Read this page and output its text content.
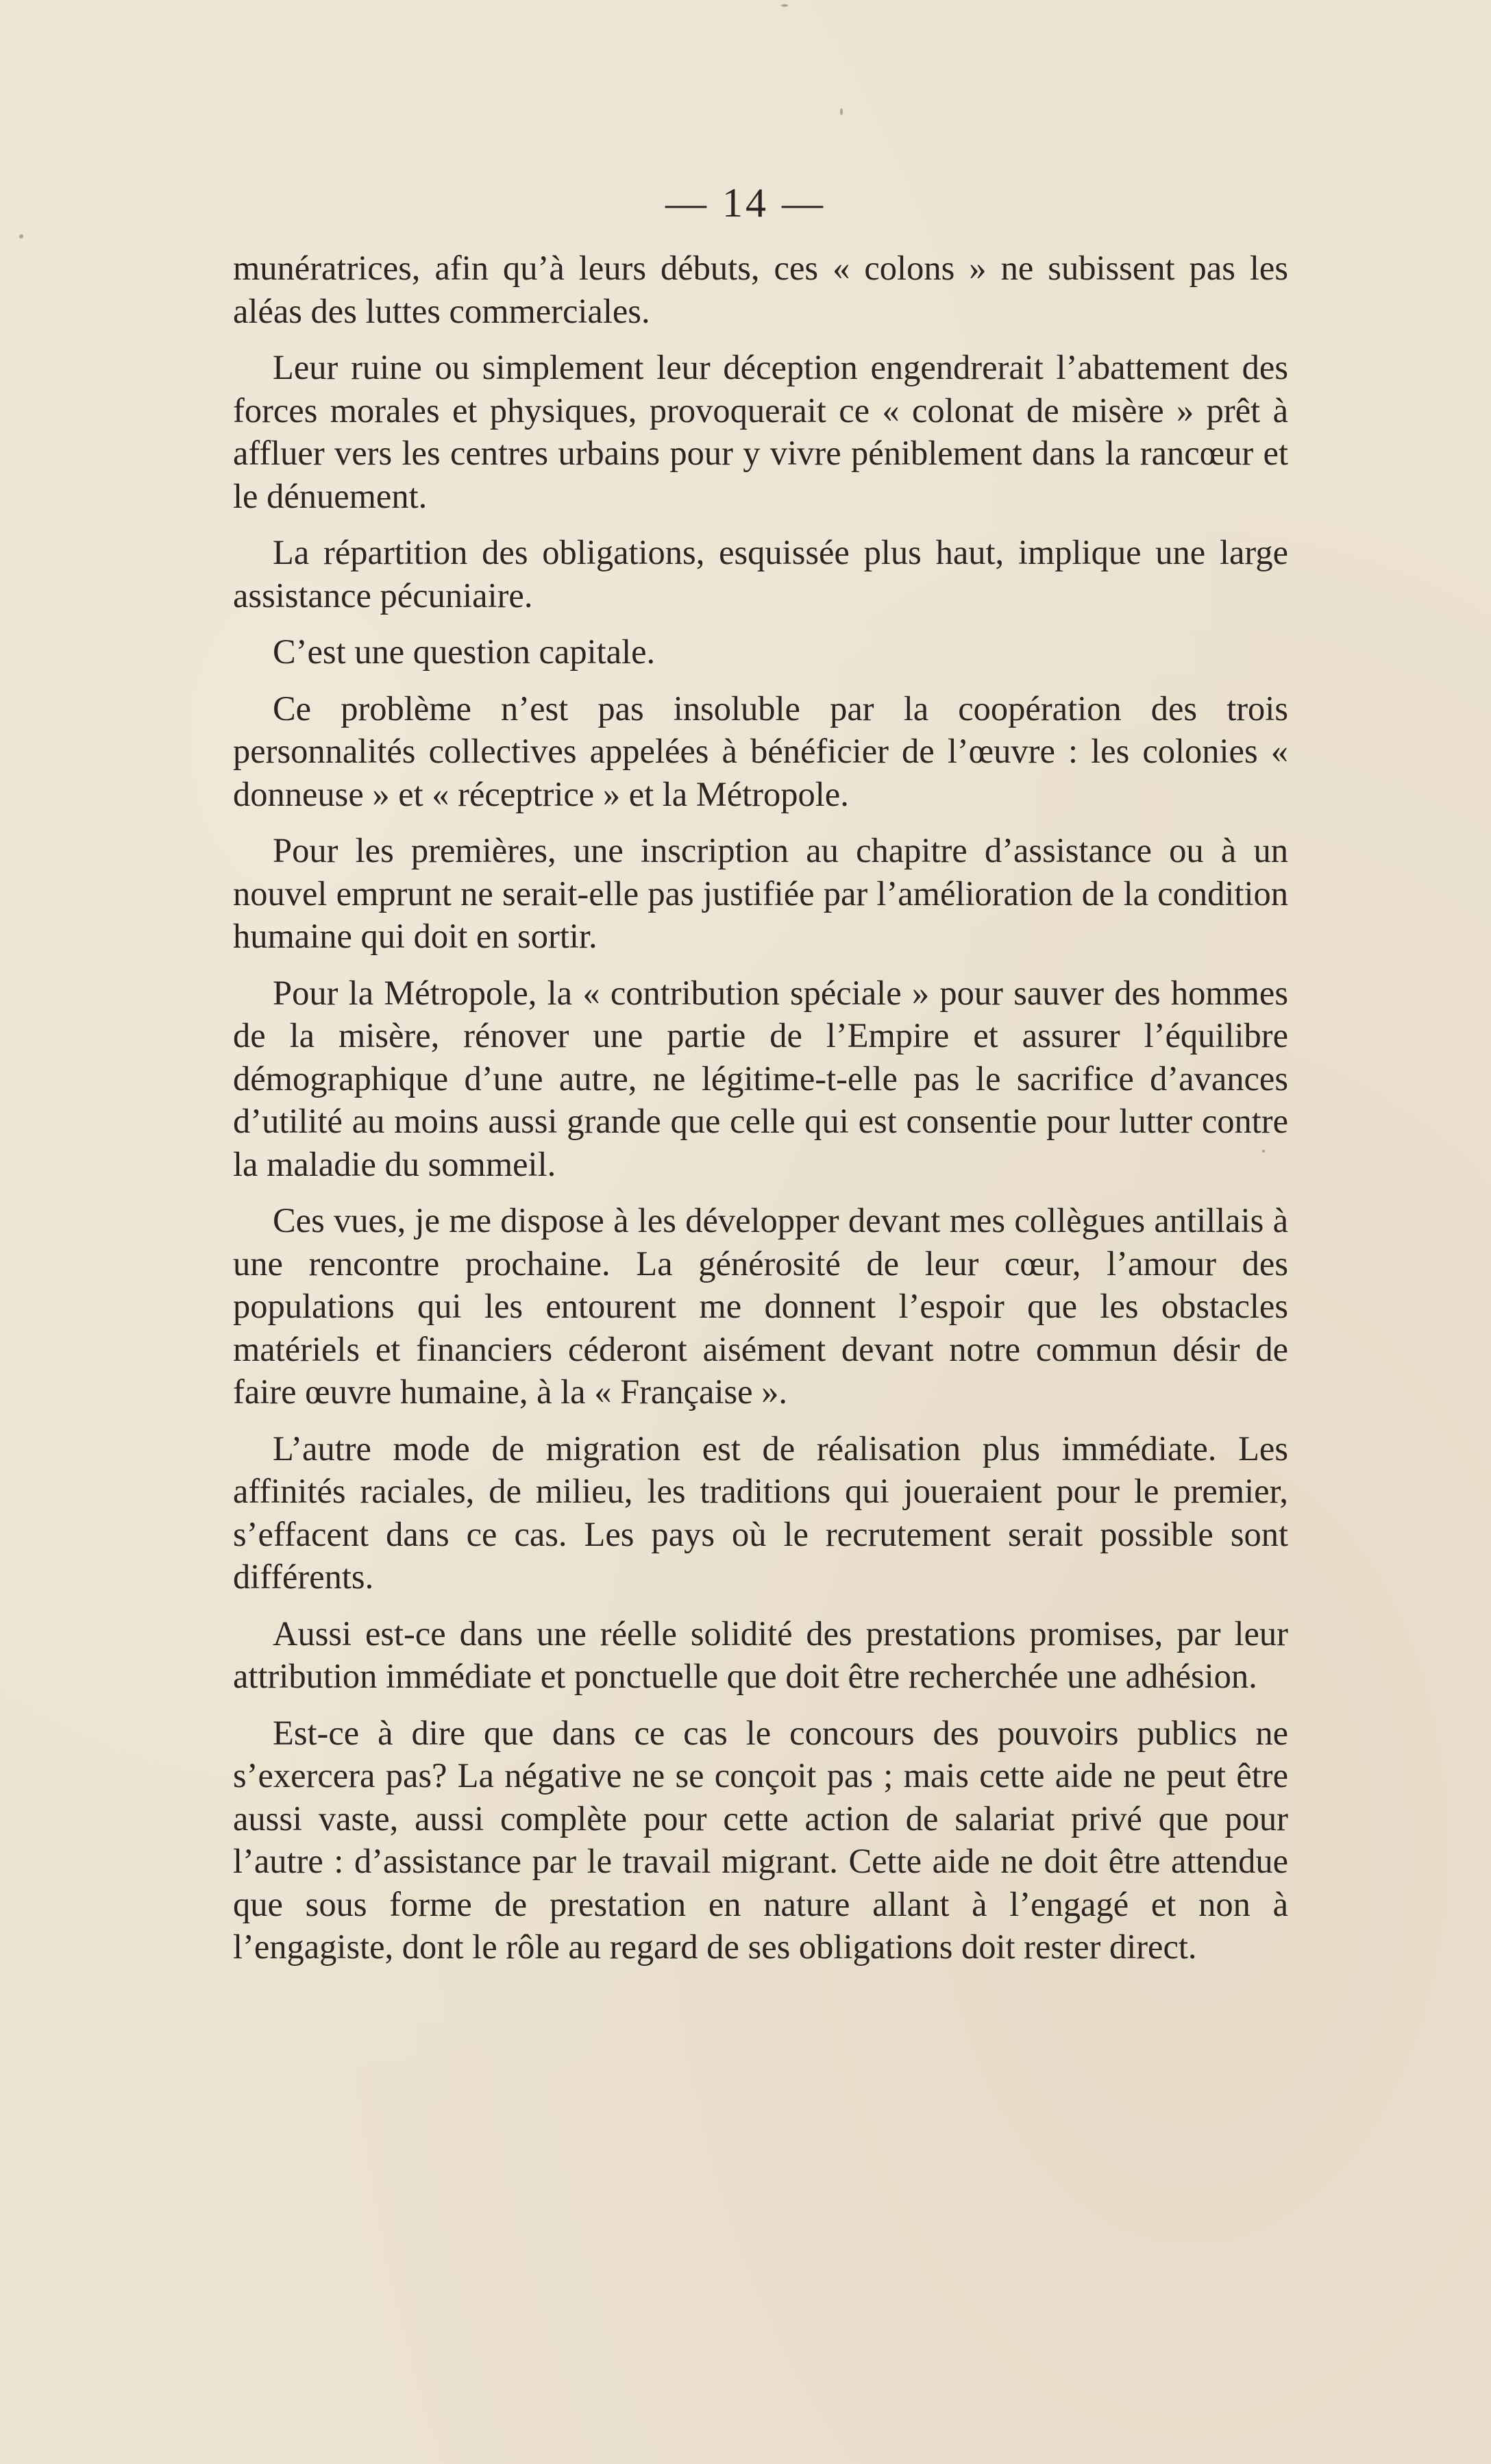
— 14 —

munératrices, afin qu’à leurs débuts, ces « colons » ne subissent pas les aléas des luttes commerciales.

Leur ruine ou simplement leur déception engendrerait l’abattement des forces morales et physiques, provoquerait ce « colonat de misère » prêt à affluer vers les centres urbains pour y vivre péniblement dans la rancœur et le dénuement.

La répartition des obligations, esquissée plus haut, implique une large assistance pécuniaire.

C’est une question capitale.

Ce problème n’est pas insoluble par la coopération des trois personnalités collectives appelées à bénéficier de l’œuvre : les colonies « donneuse » et « réceptrice » et la Métropole.

Pour les premières, une inscription au chapitre d’assistance ou à un nouvel emprunt ne serait-elle pas justifiée par l’amélioration de la condition humaine qui doit en sortir.

Pour la Métropole, la « contribution spéciale » pour sauver des hommes de la misère, rénover une partie de l’Empire et assurer l’équilibre démographique d’une autre, ne légitime-t-elle pas le sacrifice d’avances d’utilité au moins aussi grande que celle qui est consentie pour lutter contre la maladie du sommeil.

Ces vues, je me dispose à les développer devant mes collègues antillais à une rencontre prochaine. La générosité de leur cœur, l’amour des populations qui les entourent me donnent l’espoir que les obstacles matériels et financiers céderont aisément devant notre commun désir de faire œuvre humaine, à la « Française ».

L’autre mode de migration est de réalisation plus immédiate. Les affinités raciales, de milieu, les traditions qui joueraient pour le premier, s’effacent dans ce cas. Les pays où le recrutement serait possible sont différents.

Aussi est-ce dans une réelle solidité des prestations promises, par leur attribution immédiate et ponctuelle que doit être recherchée une adhésion.

Est-ce à dire que dans ce cas le concours des pouvoirs publics ne s’exercera pas? La négative ne se conçoit pas ; mais cette aide ne peut être aussi vaste, aussi complète pour cette action de salariat privé que pour l’autre : d’assistance par le travail migrant. Cette aide ne doit être attendue que sous forme de prestation en nature allant à l’engagé et non à l’engagiste, dont le rôle au regard de ses obligations doit rester direct.
